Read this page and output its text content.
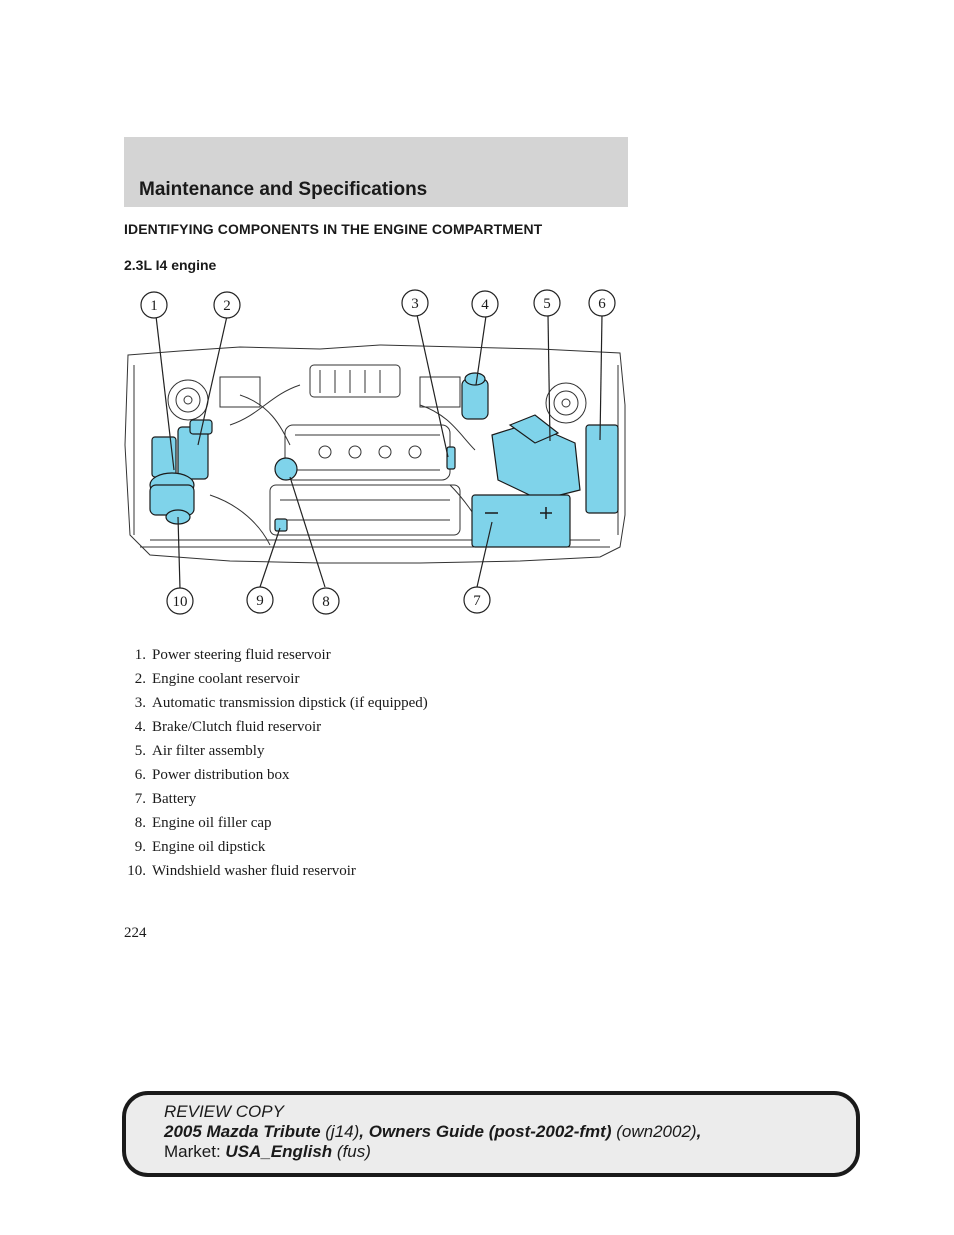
Maintenance and Specifications
IDENTIFYING COMPONENTS IN THE ENGINE COMPARTMENT
2.3L I4 engine
1	2	3	4	5	6
7
8
9
10
1. Power steering fluid reservoir
2. Engine coolant reservoir
3. Automatic transmission dipstick (if equipped)
4. Brake/Clutch fluid reservoir
5. Air filter assembly
6. Power distribution box
7. Battery
8. Engine oil filler cap
9. Engine oil dipstick
10. Windshield washer fluid reservoir
224
REVIEW COPY
2005 Mazda Tribute (j14), Owners Guide (post-2002-fmt) (own2002),
Market: USA_English (fus)
